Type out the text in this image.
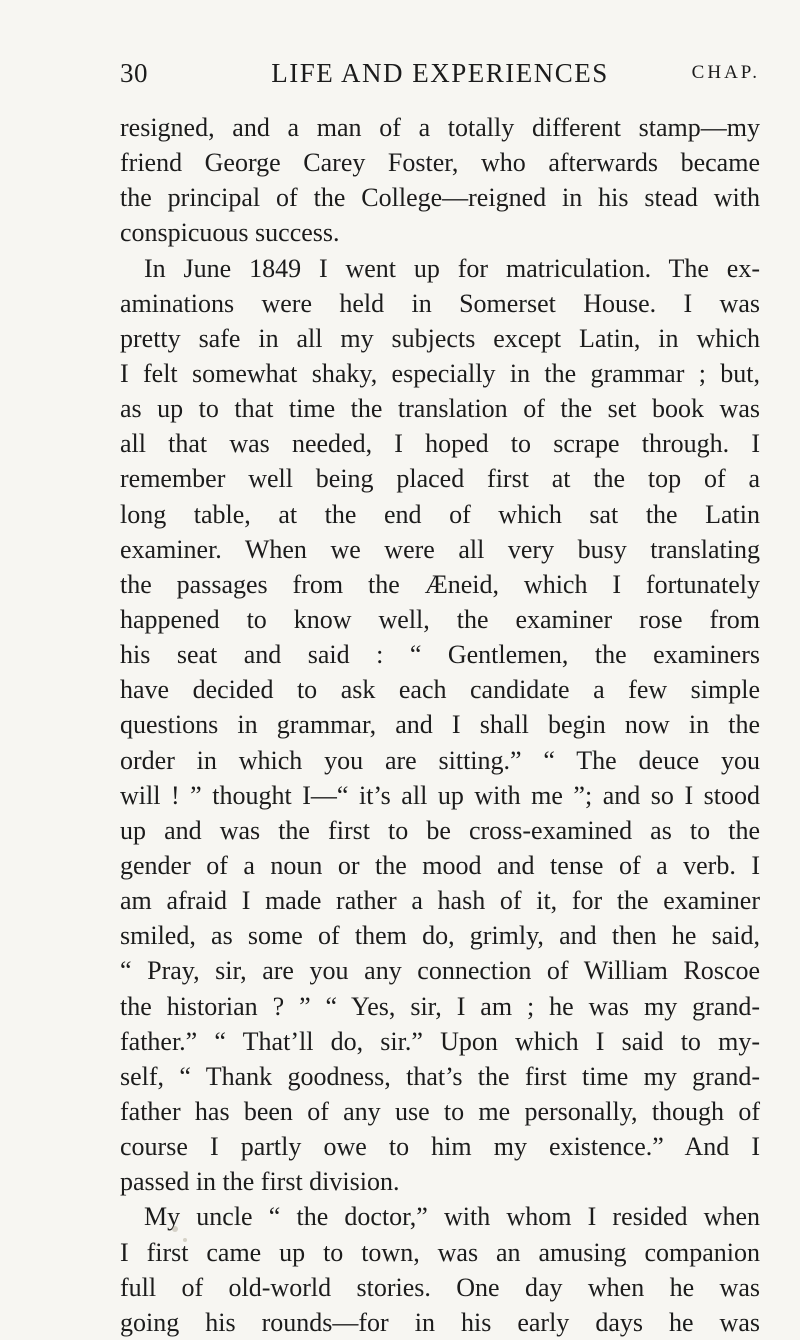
30	LIFE AND EXPERIENCES	CHAP.
resigned, and a man of a totally different stamp—my
friend George Carey Foster, who afterwards became
the principal of the College—reigned in his stead with
conspicuous success.
In June 1849 I went up for matriculation. The ex-
aminations were held in Somerset House. I was
pretty safe in all my subjects except Latin, in which
I felt somewhat shaky, especially in the grammar ; but,
as up to that time the translation of the set book was
all that was needed, I hoped to scrape through. I
remember well being placed first at the top of a
long table, at the end of which sat the Latin
examiner. When we were all very busy translating
the passages from the Æneid, which I fortunately
happened to know well, the examiner rose from
his seat and said : “ Gentlemen, the examiners
have decided to ask each candidate a few simple
questions in grammar, and I shall begin now in the
order in which you are sitting.” “ The deuce you
will ! ” thought I—“ it’s all up with me ”; and so I stood
up and was the first to be cross-examined as to the
gender of a noun or the mood and tense of a verb. I
am afraid I made rather a hash of it, for the examiner
smiled, as some of them do, grimly, and then he said,
“ Pray, sir, are you any connection of William Roscoe
the historian ? ” “ Yes, sir, I am ; he was my grand-
father.” “ That’ll do, sir.” Upon which I said to my-
self, “ Thank goodness, that’s the first time my grand-
father has been of any use to me personally, though of
course I partly owe to him my existence.” And I
passed in the first division.
My uncle “ the doctor,” with whom I resided when
I first came up to town, was an amusing companion
full of old-world stories. One day when he was
going his rounds—for in his early days he was
